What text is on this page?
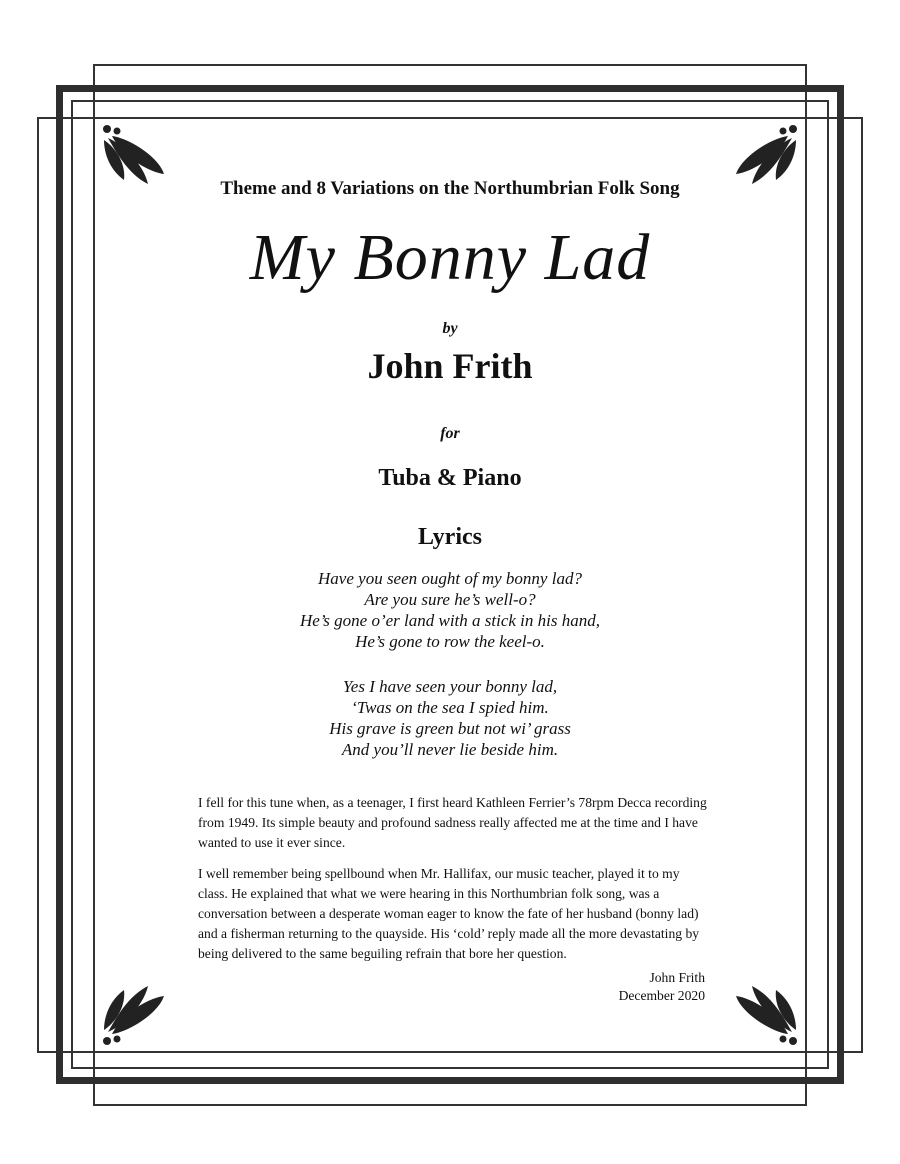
Theme and 8 Variations on the Northumbrian Folk Song
My Bonny Lad
by
John Frith
for
Tuba & Piano
Lyrics
Have you seen ought of my bonny lad?
Are you sure he’s well-o?
He’s gone o’er land with a stick in his hand,
He’s gone to row the keel-o.
Yes I have seen your bonny lad,
‘Twas on the sea I spied him.
His grave is green but not wi’ grass
And you’ll never lie beside him.
I fell for this tune when, as a teenager, I first heard Kathleen Ferrier’s 78rpm Decca recording from 1949. Its simple beauty and profound sadness really affected me at the time and I have wanted to use it ever since.
I well remember being spellbound when Mr. Hallifax, our music teacher, played it to my class. He explained that what we were hearing in this Northumbrian folk song, was a conversation between a desperate woman eager to know the fate of her husband (bonny lad) and a fisherman returning to the quayside. His ‘cold’ reply made all the more devastating by being delivered to the same beguiling refrain that bore her question.
John Frith
December 2020
